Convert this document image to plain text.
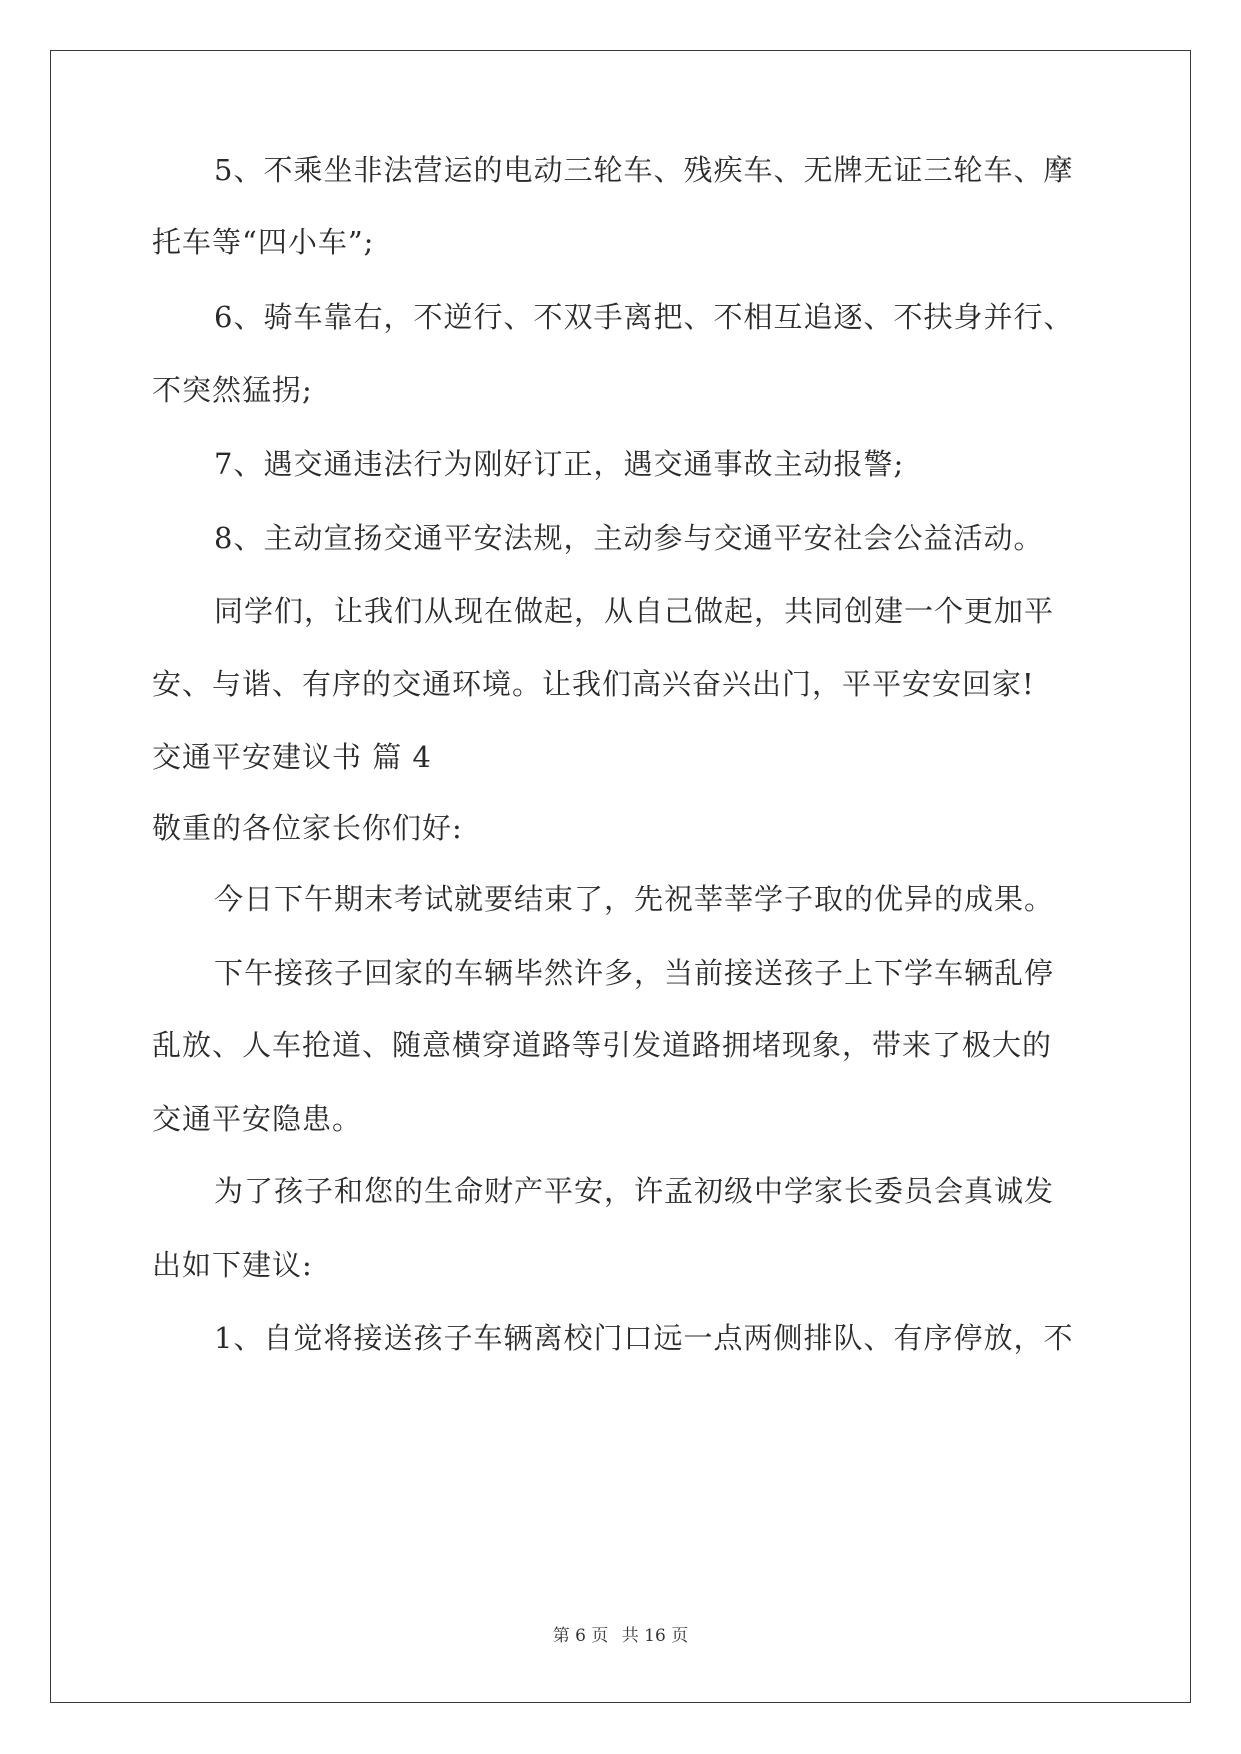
5、不乘坐非法营运的电动三轮车、残疾车、无牌无证三轮车、摩
托车等“四小车”;
6、骑车靠右，不逆行、不双手离把、不相互追逐、不扶身并行、
不突然猛拐;
7、遇交通违法行为刚好订正，遇交通事故主动报警;
8、主动宣扬交通平安法规，主动参与交通平安社会公益活动。
同学们，让我们从现在做起，从自己做起，共同创建一个更加平
安、与谐、有序的交通环境。让我们高兴奋兴出门，平平安安回家!
交通平安建议书 篇 4
敬重的各位家长你们好:
今日下午期末考试就要结束了，先祝莘莘学子取的优异的成果。
下午接孩子回家的车辆毕然许多，当前接送孩子上下学车辆乱停
乱放、人车抢道、随意横穿道路等引发道路拥堵现象，带来了极大的
交通平安隐患。
为了孩子和您的生命财产平安，许孟初级中学家长委员会真诚发
出如下建议:
1、自觉将接送孩子车辆离校门口远一点两侧排队、有序停放，不
第 6 页 共 16 页
